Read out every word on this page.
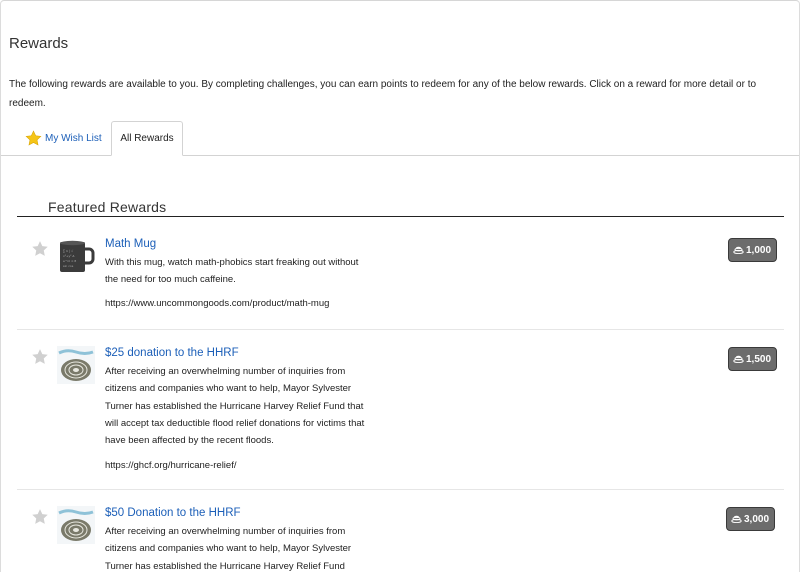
Rewards

The following rewards are available to you. By completing challenges, you can earn points to redeem for any of the below rewards. Click on a reward for more detail or to redeem.

My Wish List All Rewards
Featured Rewards
∑ π ∫ √
x²+y² Δ
e^iπ ∞ θ
sin cos
Math Mug

With this mug, watch math-phobics start freaking out without the need for too much caffeine.

https://www.uncommongoods.com/product/math-mug
1,000
$25 donation to the HHRF

After receiving an overwhelming number of inquiries from citizens and companies who want to help, Mayor Sylvester Turner has established the Hurricane Harvey Relief Fund that will accept tax deductible flood relief donations for victims that have been affected by the recent floods.

https://ghcf.org/hurricane-relief/
1,500
$50 Donation to the HHRF

After receiving an overwhelming number of inquiries from citizens and companies who want to help, Mayor Sylvester Turner has established the Hurricane Harvey Relief Fund

3,000
